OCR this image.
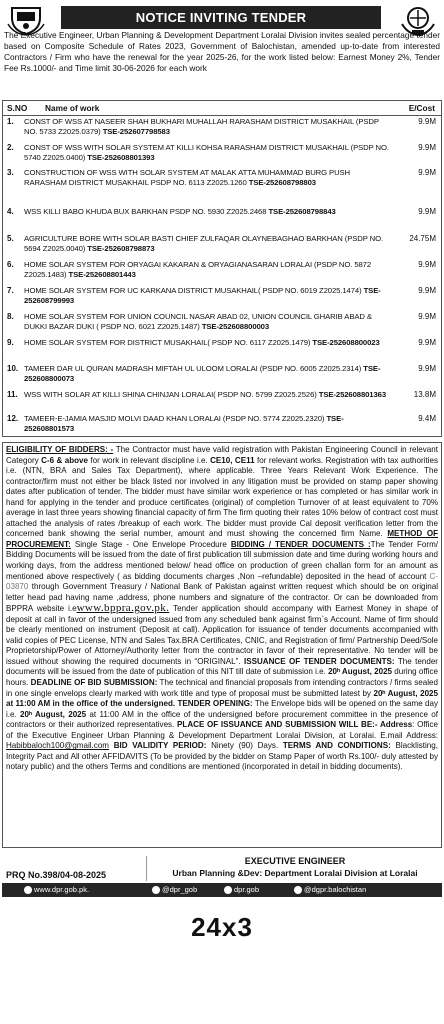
NOTICE INVITING TENDER
The Executive Engineer, Urban Planning & Development Department Loralai Division invites sealed percentage tender based on Composite Schedule of Rates 2023, Government of Balochistan, amended up-to-date from interested Contractors / Firm who have the renewal for the year 2025-26, for the work listed below: Earnest Money 2%, Tender Fee Rs.1000/- and Time limit 30-06-2026 for each work
S.NO Name of work	E/Cost
1. CONST OF WSS AT NASEER SHAH BUKHARI MUHALLAH RARASHAM DISTRICT MUSAKHAIL (PSDP NO. 5733 Z2025.0379) TSE-252607798583
9.9M
2. CONST OF WSS WITH SOLAR SYSTEM AT KILLI KOHSA RARASHAM DISTRICT MUSAKHAIL (PSDP NO. 5740 Z2025.0400) TSE-252608801393
9.9M
3. CONSTRUCTION OF WSS WITH SOLAR SYSTEM AT MALAK ATTA MUHAMMAD BURG PUSH RARASHAM DISTRICT MUSAKHAIL PSDP NO. 6113 Z2025.1260 TSE-252608798803
9.9M
4. WSS KILLI BABO KHUDA BUX BARKHAN PSDP NO. 5930 Z2025.2468 TSE-252608798843	9.9M
5. AGRICULTURE BORE WITH SOLAR BASTI CHIEF ZULFAQAR OLAYNEBAGHAO BARKHAN (PSDP NO. 5694 Z2025.0040) TSE-252608798873
24.75M
6. HOME SOLAR SYSTEM FOR ORYAGAI KAKARAN & ORYAGIANASARAN LORALAI (PSDP NO. 5872 Z2025.1483) TSE-252608801443
9.9M
7. HOME SOLAR SYSTEM FOR UC KARKANA DISTRICT MUSAKHAIL( PSDP NO. 6019 Z2025.1474) TSE-252608799993
9.9M
8. HOME SOLAR SYSTEM FOR UNION COUNCIL NASAR ABAD 02, UNION COUNCIL GHARIB ABAD & DUKKI BAZAR DUKI ( PSDP NO. 6021 Z2025.1487) TSE-252608800003
9.9M
9. HOME SOLAR SYSTEM FOR DISTRICT MUSAKHAIL( PSDP NO. 6117 Z2025.1479) TSE-252608800023	9.9M
10. TAMEER DAR UL QURAN MADRASH MIFTAH UL ULOOM LORALAI (PSDP NO. 6005 Z2025.2314) TSE-252608800073
9.9M
11. WSS WITH SOLAR AT KILLI SHINA CHINJAN LORALAI( PSDP NO. 5799 Z2025.2526) TSE-252608801363	13.8M
12. TAMEER-E-JAMIA MASJID MOLVI DAAD KHAN LORALAI (PSDP NO. 5774 Z2025.2320) TSE-252608801573
9.4M
ELIGIBILITY OF BIDDERS: - The Contractor must have valid registration with Pakistan Engineering Council in relevant Category C-6 & above for work in relevant discipline i.e. CE10, CE11 for relevant works. Registration with tax authorities i.e. (NTN, BRA and Sales Tax Department), where applicable. Three Years Relevant Work Experience. The contractor/firm must not either be black listed nor involved in any litigation must be provided on stamp paper showing dates after publication of tender. The bidder must have similar work experience or has completed or has similar work in hand for applying in the tender and produce certificates (original) of completion Turnover of at least equivalent to 70% average in last three years showing financial capacity of firm The firm quoting their rates 10% below of contract cost must attached the analysis of rates /breakup of each work. The bidder must provide Cal deposit verification letter from the concerned bank showing the serial number, amount and must showing the concerned firm Name. METHOD OF PROCUREMENT: Single Stage - One Envelope Procedure BIDDING / TENDER DOCUMENTS :The Tender Form/ Bidding Documents will be issued from the date of first publication till submission date and time during working hours and working days, from the address mentioned below/ head office on production of green challan form for an amount as mentioned above respectively ( as bidding documents charges ,Non –refundable) deposited in the head of account C-03870 through Government Treasury / National Bank of Pakistan against written request which should be on original letter head pad having name ,address, phone numbers and signature of the contractor. Or can be downloaded from BPPRA website i.ewww.bppra.gov.pk. Tender application should accompany with Earnest Money in shape of deposit at call in favor of the undersigned issued from any scheduled bank against firm`s Account. Name of firm should be clearly mentioned on instrument (Deposit at call). Application for issuance of tender documents accompanied with valid copies of PEC License, NTN and Sales Tax.BRA Certificates, CNIC, and Registration of firm/ Partnership Deed/Sole Proprietorship/Power of Attorney/Authority letter from the contractor in favor of their representative. No tender will be issued without showing the required documents in “ORIGINAL”. ISSUANCE OF TENDER DOCUMENTS: The tender documents will be issued from the date of publication of this NIT till date of submission i.e. 20ʰ August, 2025 during office hours. DEADLINE OF BID SUBMISSION: The technical and financial proposals from intending contractors / firms sealed in one single envelops clearly marked with work title and type of proposal must be submitted latest by 20ʰ August, 2025 at 11:00 AM in the office of the undersigned. TENDER OPENING: The Envelope bids will be opened on the same day i.e. 20ʰ August, 2025 at 11:00 AM in the office of the undersigned before procurement committee in the presence of contractors or their authorized representatives. PLACE OF ISSUANCE AND SUBMISSION WILL BE:- Address: Office of the Executive Engineer Urban Planning & Development Department Loralai Division, at Loralai. E.mail Address: Habibbaloch100@gmail.com BID VALIDITY PERIOD: Ninety (90) Days. TERMS AND CONDITIONS: Blacklisting, Integrity Pact and All other AFFIDAVITS (To be provided by the bidder on Stamp Paper of worth Rs.100/- duly attested by notary public) and the others Terms and conditions are mentioned (incorporated in detail in bidding documents).
PRQ No.398/04-08-2025
EXECUTIVE ENGINEER
Urban Planning &Dev: Department Loralai Division at Loralai
www.dpr.gob.pk.	@dpr_gob	dpr.gob	@dgpr.balochistan
24x3
